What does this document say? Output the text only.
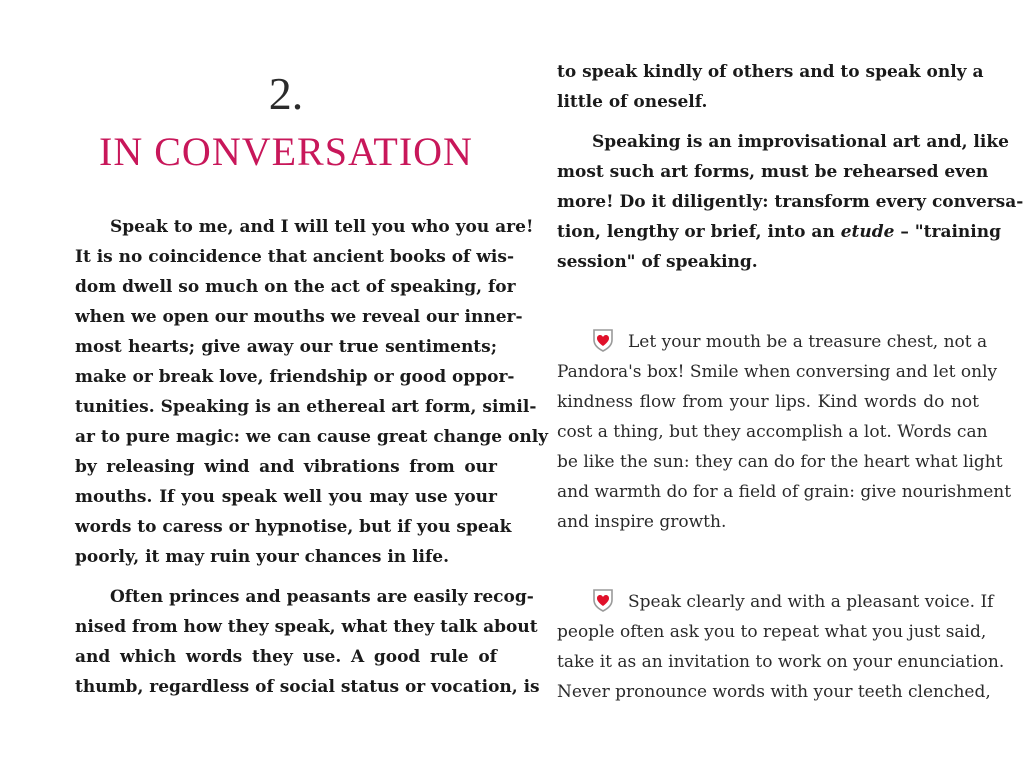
2.
IN CONVERSATION

Speak to me, and I will tell you who you are!
It is no coincidence that ancient books of wis-
dom dwell so much on the act of speaking, for
when we open our mouths we reveal our inner-
most hearts; give away our true sentiments;
make or break love, friendship or good oppor-
tunities. Speaking is an ethereal art form, simil-
ar to pure magic: we can cause great change only
by releasing wind and vibrations from our
mouths. If you speak well you may use your
words to caress or hypnotise, but if you speak
poorly, it may ruin your chances in life.

Often princes and peasants are easily recog-
nised from how they speak, what they talk about
and which words they use. A good rule of
thumb, regardless of social status or vocation, is

to speak kindly of others and to speak only a
little of oneself.

Speaking is an improvisational art and, like
most such art forms, must be rehearsed even
more! Do it diligently: transform every conversa-
tion, lengthy or brief, into an etude – "training
session" of speaking.

Let your mouth be a treasure chest, not a
Pandora's box! Smile when conversing and let only
kindness flow from your lips. Kind words do not
cost a thing, but they accomplish a lot. Words can
be like the sun: they can do for the heart what light
and warmth do for a field of grain: give nourishment
and inspire growth.

Speak clearly and with a pleasant voice. If
people often ask you to repeat what you just said,
take it as an invitation to work on your enunciation.
Never pronounce words with your teeth clenched,
